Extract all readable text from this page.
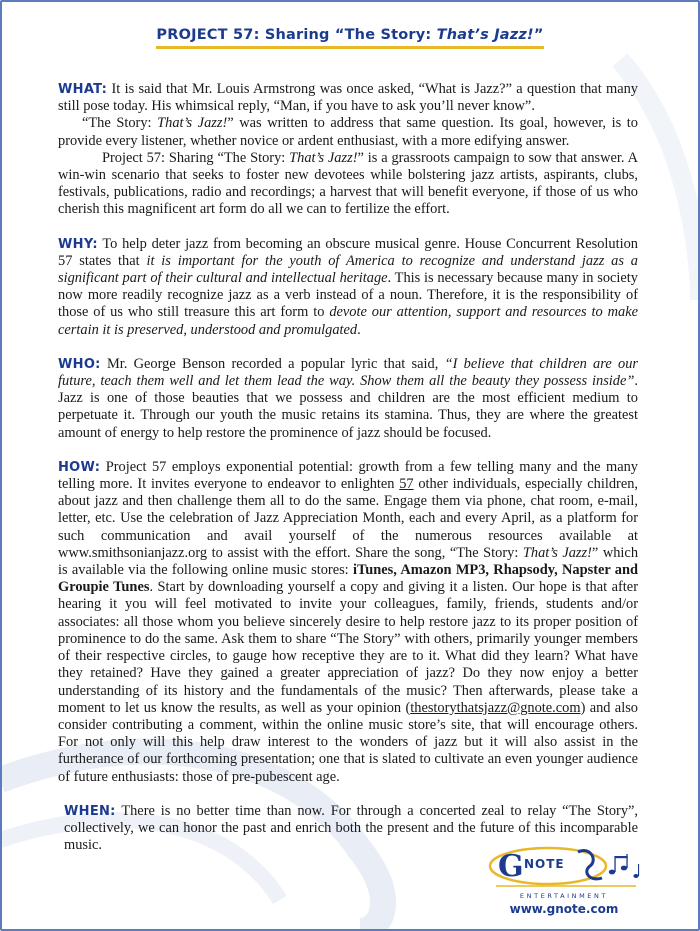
PROJECT 57: Sharing “The Story: That’s Jazz!”

WHAT: It is said that Mr. Louis Armstrong was once asked, “What is Jazz?” a question that many still pose today. His whimsical reply, “Man, if you have to ask you’ll never know”.

“The Story: That’s Jazz!” was written to address that same question. Its goal, however, is to provide every listener, whether novice or ardent enthusiast, with a more edifying answer.

Project 57: Sharing “The Story: That’s Jazz!” is a grassroots campaign to sow that answer. A win-win scenario that seeks to foster new devotees while bolstering jazz artists, aspirants, clubs, festivals, publications, radio and recordings; a harvest that will benefit everyone, if those of us who cherish this magnificent art form do all we can to fertilize the effort.

WHY: To help deter jazz from becoming an obscure musical genre. House Concurrent Resolution 57 states that it is important for the youth of America to recognize and understand jazz as a significant part of their cultural and intellectual heritage. This is necessary because many in society now more readily recognize jazz as a verb instead of a noun. Therefore, it is the responsibility of those of us who still treasure this art form to devote our attention, support and resources to make certain it is preserved, understood and promulgated.

WHO: Mr. George Benson recorded a popular lyric that said, “I believe that children are our future, teach them well and let them lead the way. Show them all the beauty they possess inside”. Jazz is one of those beauties that we possess and children are the most efficient medium to perpetuate it. Through our youth the music retains its stamina. Thus, they are where the greatest amount of energy to help restore the prominence of jazz should be focused.

HOW: Project 57 employs exponential potential: growth from a few telling many and the many telling more. It invites everyone to endeavor to enlighten 57 other individuals, especially children, about jazz and then challenge them all to do the same. Engage them via phone, chat room, e-mail, letter, etc. Use the celebration of Jazz Appreciation Month, each and every April, as a platform for such communication and avail yourself of the numerous resources available at www.smithsonianjazz.org to assist with the effort. Share the song, “The Story: That’s Jazz!” which is available via the following online music stores: iTunes, Amazon MP3, Rhapsody, Napster and Groupie Tunes. Start by downloading yourself a copy and giving it a listen. Our hope is that after hearing it you will feel motivated to invite your colleagues, family, friends, students and/or associates: all those whom you believe sincerely desire to help restore jazz to its proper position of prominence to do the same. Ask them to share “The Story” with others, primarily younger members of their respective circles, to gauge how receptive they are to it. What did they learn? What have they retained? Have they gained a greater appreciation of jazz? Do they now enjoy a better understanding of its history and the fundamentals of the music? Then afterwards, please take a moment to let us know the results, as well as your opinion (thestorythatsjazz@gnote.com) and also consider contributing a comment, within the online music store’s site, that will encourage others. For not only will this help draw interest to the wonders of jazz but it will also assist in the furtherance of our forthcoming presentation; one that is slated to cultivate an even younger audience of future enthusiasts: those of pre-pubescent age.

WHEN: There is no better time than now. For through a concerted zeal to relay “The Story”, collectively, we can honor the past and enrich both the present and the future of this incomparable music.

G NOTE
ENTERTAINMENT
www.gnote.com
